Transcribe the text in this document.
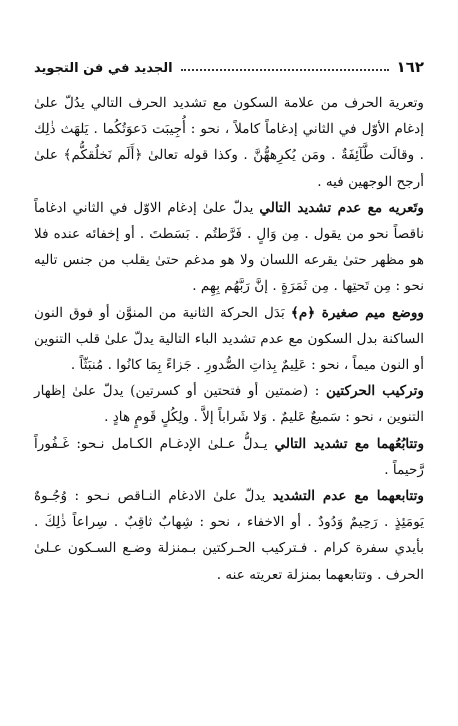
١٦٢
الجديد في فن التجويد

وتعرية الحرف من علامة السكون مع تشديد الحرف التالي يدُلّ علىٰ إدغام الأوّل في الثاني إدغاماً كاملاً ، نحو : أُجِيبَت دَعوَتُكُما . يَلهَث ذٰلِك . وقالَت طَّآئِفَةٌ . ومَن يُكرِههُّنَّ . وكذا قوله تعالىٰ ﴿أَلَم نَخلُقكُّم﴾ علىٰ أرجح الوجهين فيه .

وتَعريه مع عدم تشديد التالي يدلّ علىٰ إدغام الاوّل في الثاني ادغاماً ناقصاً نحو من يقول . مِن وَالٍ . فَرَّطتُم . بَسَطتَ . أو إخفائه عنده فلا هو مظهر حتىٰ يقرعه اللسان ولا هو مدغم حتىٰ يقلب من جنس تاليه نحو : مِن تَحتِها . مِن ثَمَرَةٍ . إنَّ رَبَّهُم بِهِم .

ووضع ميم صغيرة ﴿م﴾ بَدَل الحركة الثانية من المنوَّن أو فوق النون الساكنة بدل السكون مع عدم تشديد الباء التالية يدلّ علىٰ قلب التنوين أو النون ميماً ، نحو : عَلِيمٌ بِذاتِ الصُّدورِ . جَزاءً بِمَا كانُوا . مُنبَثّاً .

وتركيب الحركتين : (ضمتين أو فتحتين أو كسرتين) يدلّ علىٰ إظهار التنوين ، نحو : سَميعٌ عَليمٌ . وَلا شَراباً إلاَّ . ولِكُلٍ قَومٍ هادٍ .

وتتابُعُهما مع تشديد التالي يـدلُّ عـلىٰ الإدغـام الكـامل نـحو: غَـفُوراً رَّحيماً .

وتتابعهما مع عدم التشديد يدلّ علىٰ الادغام النـاقص نـحو : وُجُـوهٌ يَومَئِذٍ . رَحِيمٌ وَدُودٌ . أو الاخفاء ، نحو : شِهابٌ ثاقِبٌ . سِراعاً ذٰلِكَ . بأيدي سفرة كرام . فـتركيب الحـركتين بـمنزلة وضـع السـكون عـلىٰ الحرف . وتتابعهما بمنزلة تعريته عنه .
